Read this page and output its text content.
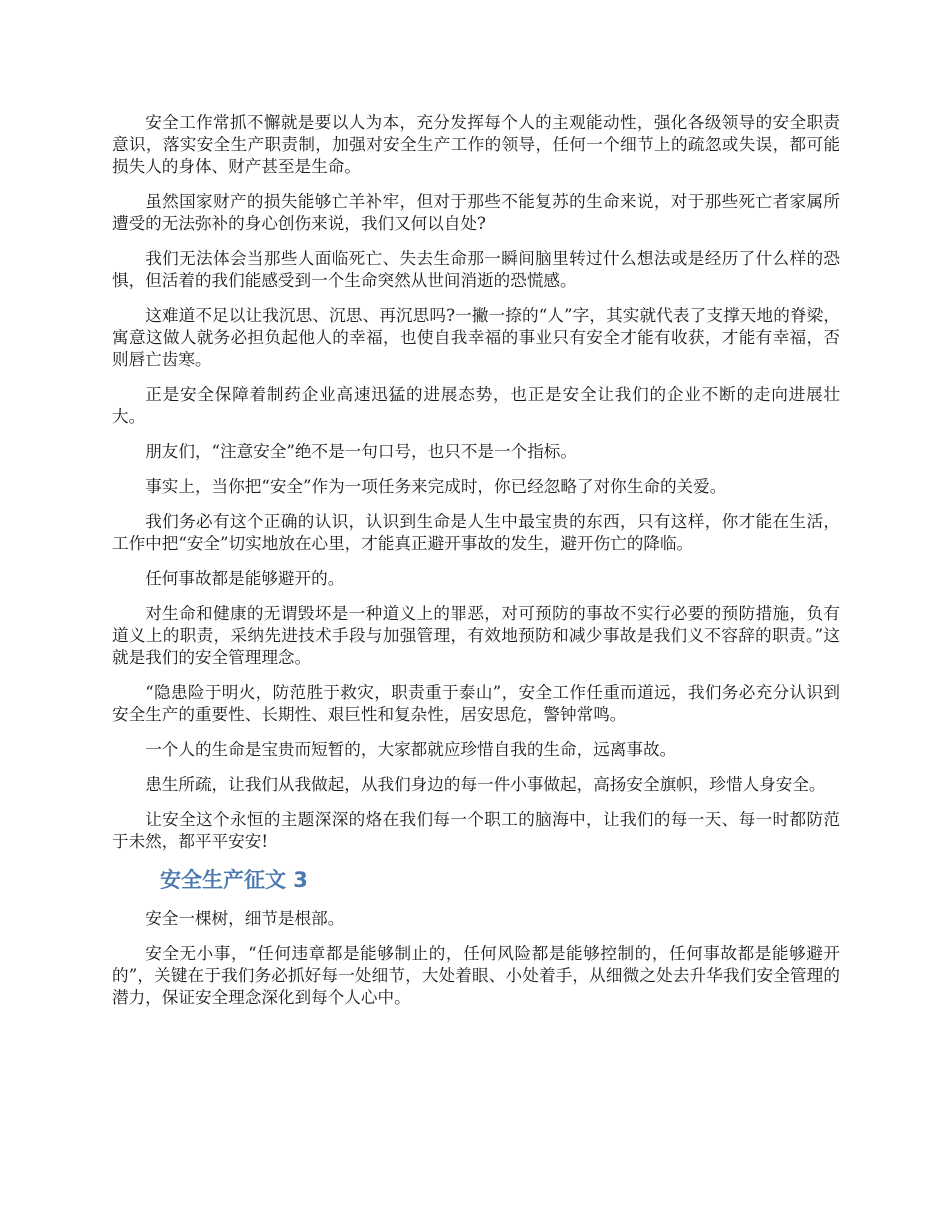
安全工作常抓不懈就是要以人为本，充分发挥每个人的主观能动性，强化各级领导的安全职责意识，落实安全生产职责制，加强对安全生产工作的领导，任何一个细节上的疏忽或失误，都可能损失人的身体、财产甚至是生命。

虽然国家财产的损失能够亡羊补牢，但对于那些不能复苏的生命来说，对于那些死亡者家属所遭受的无法弥补的身心创伤来说，我们又何以自处?

我们无法体会当那些人面临死亡、失去生命那一瞬间脑里转过什么想法或是经历了什么样的恐惧，但活着的我们能感受到一个生命突然从世间消逝的恐慌感。

这难道不足以让我沉思、沉思、再沉思吗?一撇一捺的“人”字，其实就代表了支撑天地的脊梁，寓意这做人就务必担负起他人的幸福，也使自我幸福的事业只有安全才能有收获，才能有幸福，否则唇亡齿寒。

正是安全保障着制药企业高速迅猛的进展态势，也正是安全让我们的企业不断的走向进展壮大。

朋友们，“注意安全”绝不是一句口号，也只不是一个指标。

事实上，当你把“安全”作为一项任务来完成时，你已经忽略了对你生命的关爱。

我们务必有这个正确的认识，认识到生命是人生中最宝贵的东西，只有这样，你才能在生活，工作中把“安全”切实地放在心里，才能真正避开事故的发生，避开伤亡的降临。

任何事故都是能够避开的。

对生命和健康的无谓毁坏是一种道义上的罪恶，对可预防的事故不实行必要的预防措施，负有道义上的职责，采纳先进技术手段与加强管理，有效地预防和减少事故是我们义不容辞的职责。”这就是我们的安全管理理念。

“隐患险于明火，防范胜于救灾，职责重于泰山”，安全工作任重而道远，我们务必充分认识到安全生产的重要性、长期性、艰巨性和复杂性，居安思危，警钟常鸣。

一个人的生命是宝贵而短暂的，大家都就应珍惜自我的生命，远离事故。

患生所疏，让我们从我做起，从我们身边的每一件小事做起，高扬安全旗帜，珍惜人身安全。

让安全这个永恒的主题深深的烙在我们每一个职工的脑海中，让我们的每一天、每一时都防范于未然，都平平安安!

安全生产征文 3

安全一棵树，细节是根部。

安全无小事，“任何违章都是能够制止的，任何风险都是能够控制的，任何事故都是能够避开的”，关键在于我们务必抓好每一处细节，大处着眼、小处着手，从细微之处去升华我们安全管理的潜力，保证安全理念深化到每个人心中。
